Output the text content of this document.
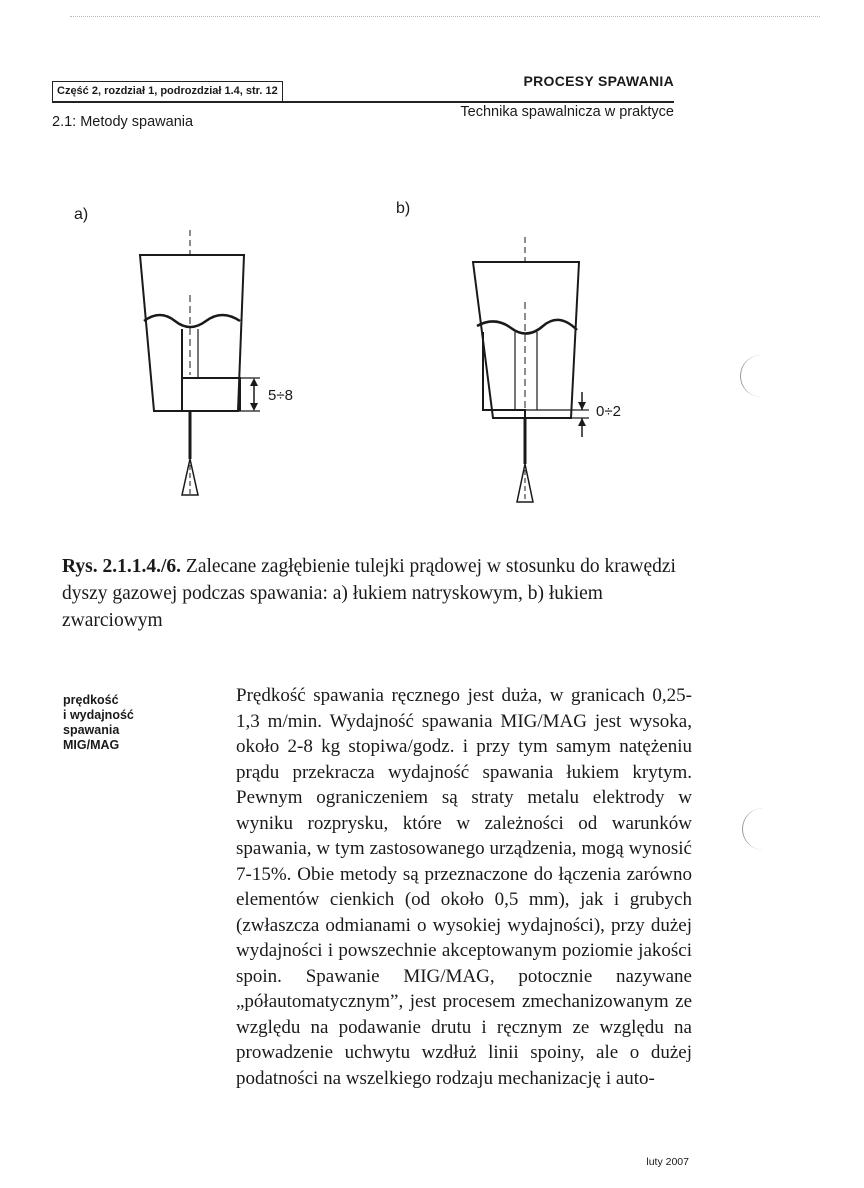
Część 2, rozdział 1, podrozdział 1.4, str. 12
PROCESY SPAWANIA
2.1: Metody spawania
Technika spawalnicza w praktyce
a)	b)
5÷8
0÷2
Rys. 2.1.1.4./6. Zalecane zagłębienie tulejki prądowej w stosunku do krawędzi dyszy gazowej podczas spawania: a) łukiem natryskowym, b) łukiem zwarciowym
prędkość
i wydajność
spawania
MIG/MAG

Prędkość spawania ręcznego jest duża, w granicach 0,25-1,3 m/min. Wydajność spawania MIG/MAG jest wysoka, około 2-8 kg stopiwa/godz. i przy tym samym natężeniu prądu przekracza wydajność spawania łukiem krytym. Pewnym ograniczeniem są straty metalu elektrody w wyniku rozprysku, które w zależności od warunków spawania, w tym zastosowanego urządzenia, mogą wynosić 7-15%. Obie metody są przeznaczone do łączenia zarówno elementów cienkich (od około 0,5 mm), jak i grubych (zwłaszcza odmianami o wysokiej wydajności), przy dużej wydajności i powszechnie akceptowanym poziomie jakości spoin. Spawanie MIG/MAG, potocznie nazywane „półautomatycznym”, jest procesem zmechanizowanym ze względu na podawanie drutu i ręcznym ze względu na prowadzenie uchwytu wzdłuż linii spoiny, ale o dużej podatności na wszelkiego rodzaju mechanizację i auto-

luty 2007
